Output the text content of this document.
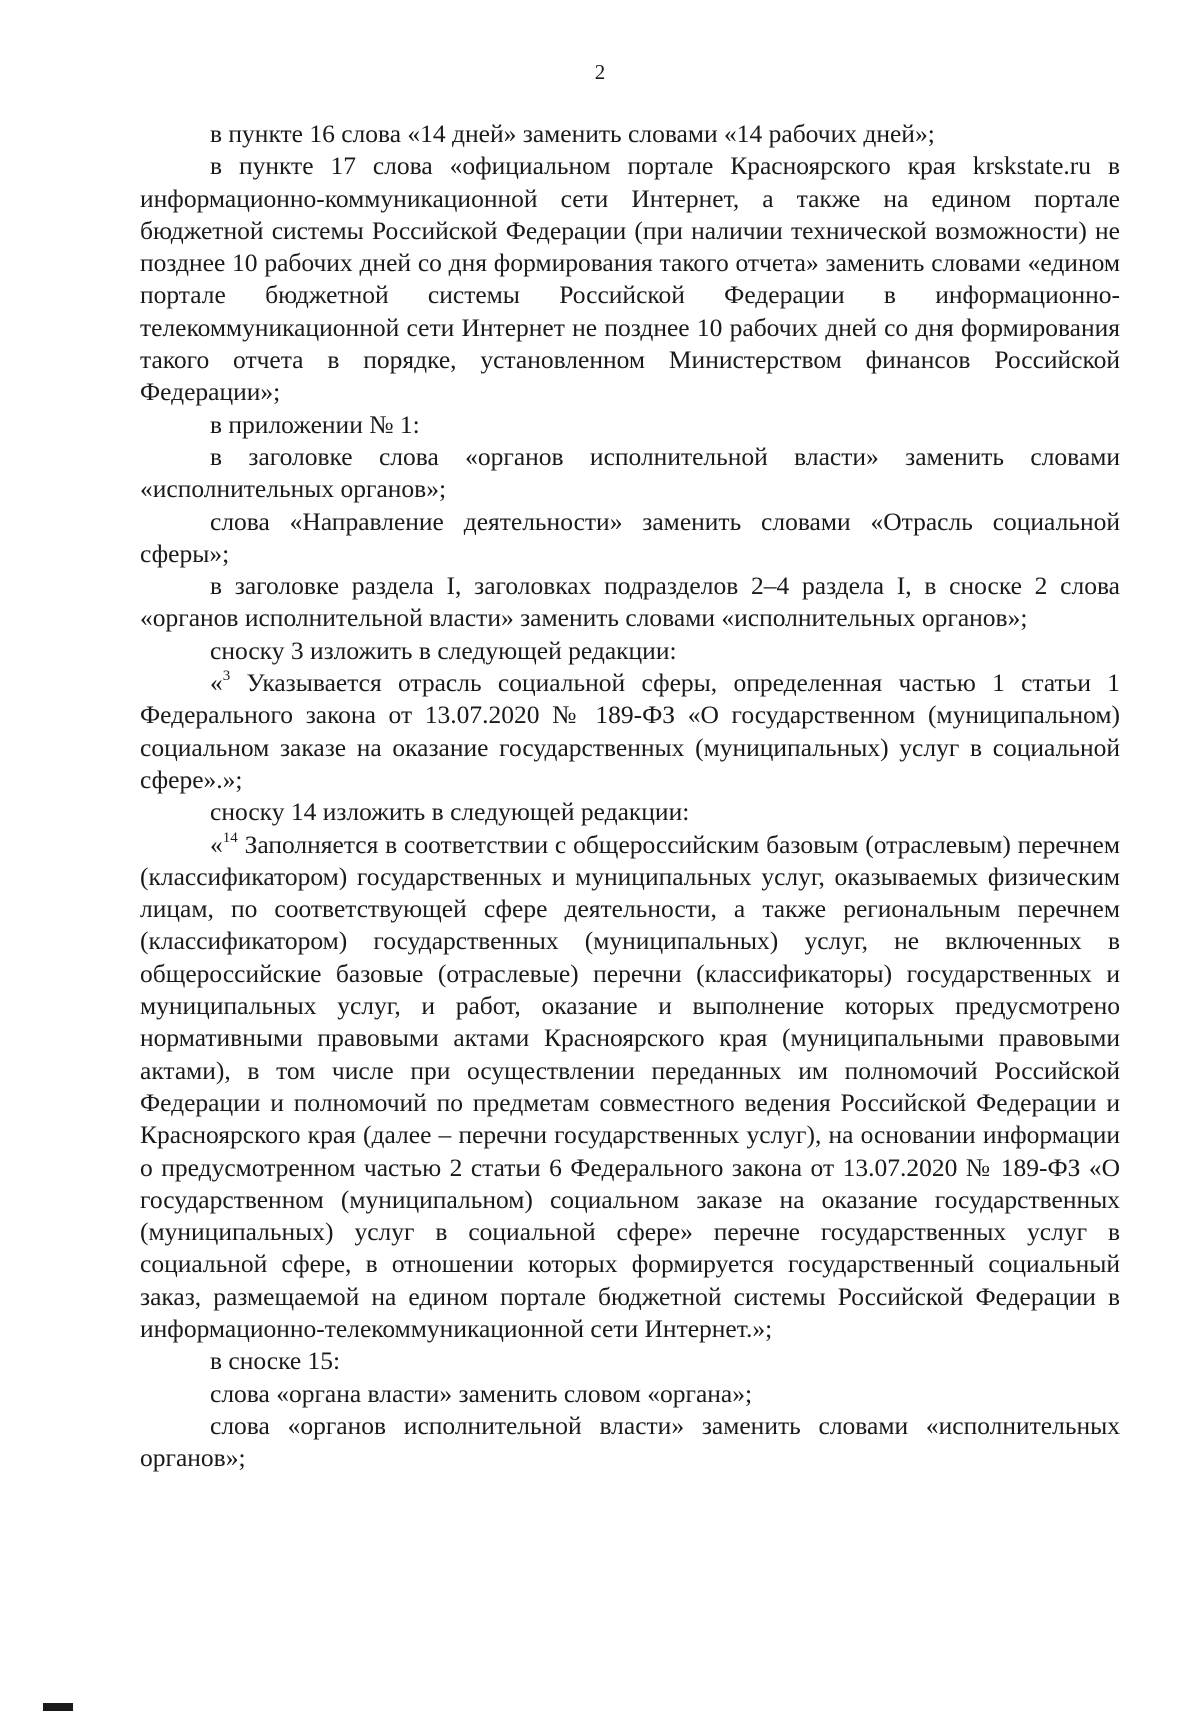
2

в пункте 16 слова «14 дней» заменить словами «14 рабочих дней»;

в пункте 17 слова «официальном портале Красноярского края krskstate.ru в информационно-коммуникационной сети Интернет, а также на едином портале бюджетной системы Российской Федерации (при наличии технической возможности) не позднее 10 рабочих дней со дня формирования такого отчета» заменить словами «едином портале бюджетной системы Российской Федерации в информационно-телекоммуникационной сети Интернет не позднее 10 рабочих дней со дня формирования такого отчета в порядке, установленном Министерством финансов Российской Федерации»;

в приложении № 1:

в заголовке слова «органов исполнительной власти» заменить словами «исполнительных органов»;

слова «Направление деятельности» заменить словами «Отрасль социальной сферы»;

в заголовке раздела I, заголовках подразделов 2–4 раздела I, в сноске 2 слова «органов исполнительной власти» заменить словами «исполнительных органов»;

сноску 3 изложить в следующей редакции:

«$^3$ Указывается отрасль социальной сферы, определенная частью 1 статьи 1 Федерального закона от 13.07.2020 № 189-ФЗ «О государственном (муниципальном) социальном заказе на оказание государственных (муниципальных) услуг в социальной сфере».»;

сноску 14 изложить в следующей редакции:

«$^{14}$ Заполняется в соответствии с общероссийским базовым (отраслевым) перечнем (классификатором) государственных и муниципальных услуг, оказываемых физическим лицам, по соответствующей сфере деятельности, а также региональным перечнем (классификатором) государственных (муниципальных) услуг, не включенных в общероссийские базовые (отраслевые) перечни (классификаторы) государственных и муниципальных услуг, и работ, оказание и выполнение которых предусмотрено нормативными правовыми актами Красноярского края (муниципальными правовыми актами), в том числе при осуществлении переданных им полномочий Российской Федерации и полномочий по предметам совместного ведения Российской Федерации и Красноярского края (далее – перечни государственных услуг), на основании информации о предусмотренном частью 2 статьи 6 Федерального закона от 13.07.2020 № 189-ФЗ «О государственном (муниципальном) социальном заказе на оказание государственных (муниципальных) услуг в социальной сфере» перечне государственных услуг в социальной сфере, в отношении которых формируется государственный социальный заказ, размещаемой на едином портале бюджетной системы Российской Федерации в информационно-телекоммуникационной сети Интернет.»;

в сноске 15:

слова «органа власти» заменить словом «органа»;

слова «органов исполнительной власти» заменить словами «исполнительных органов»;
